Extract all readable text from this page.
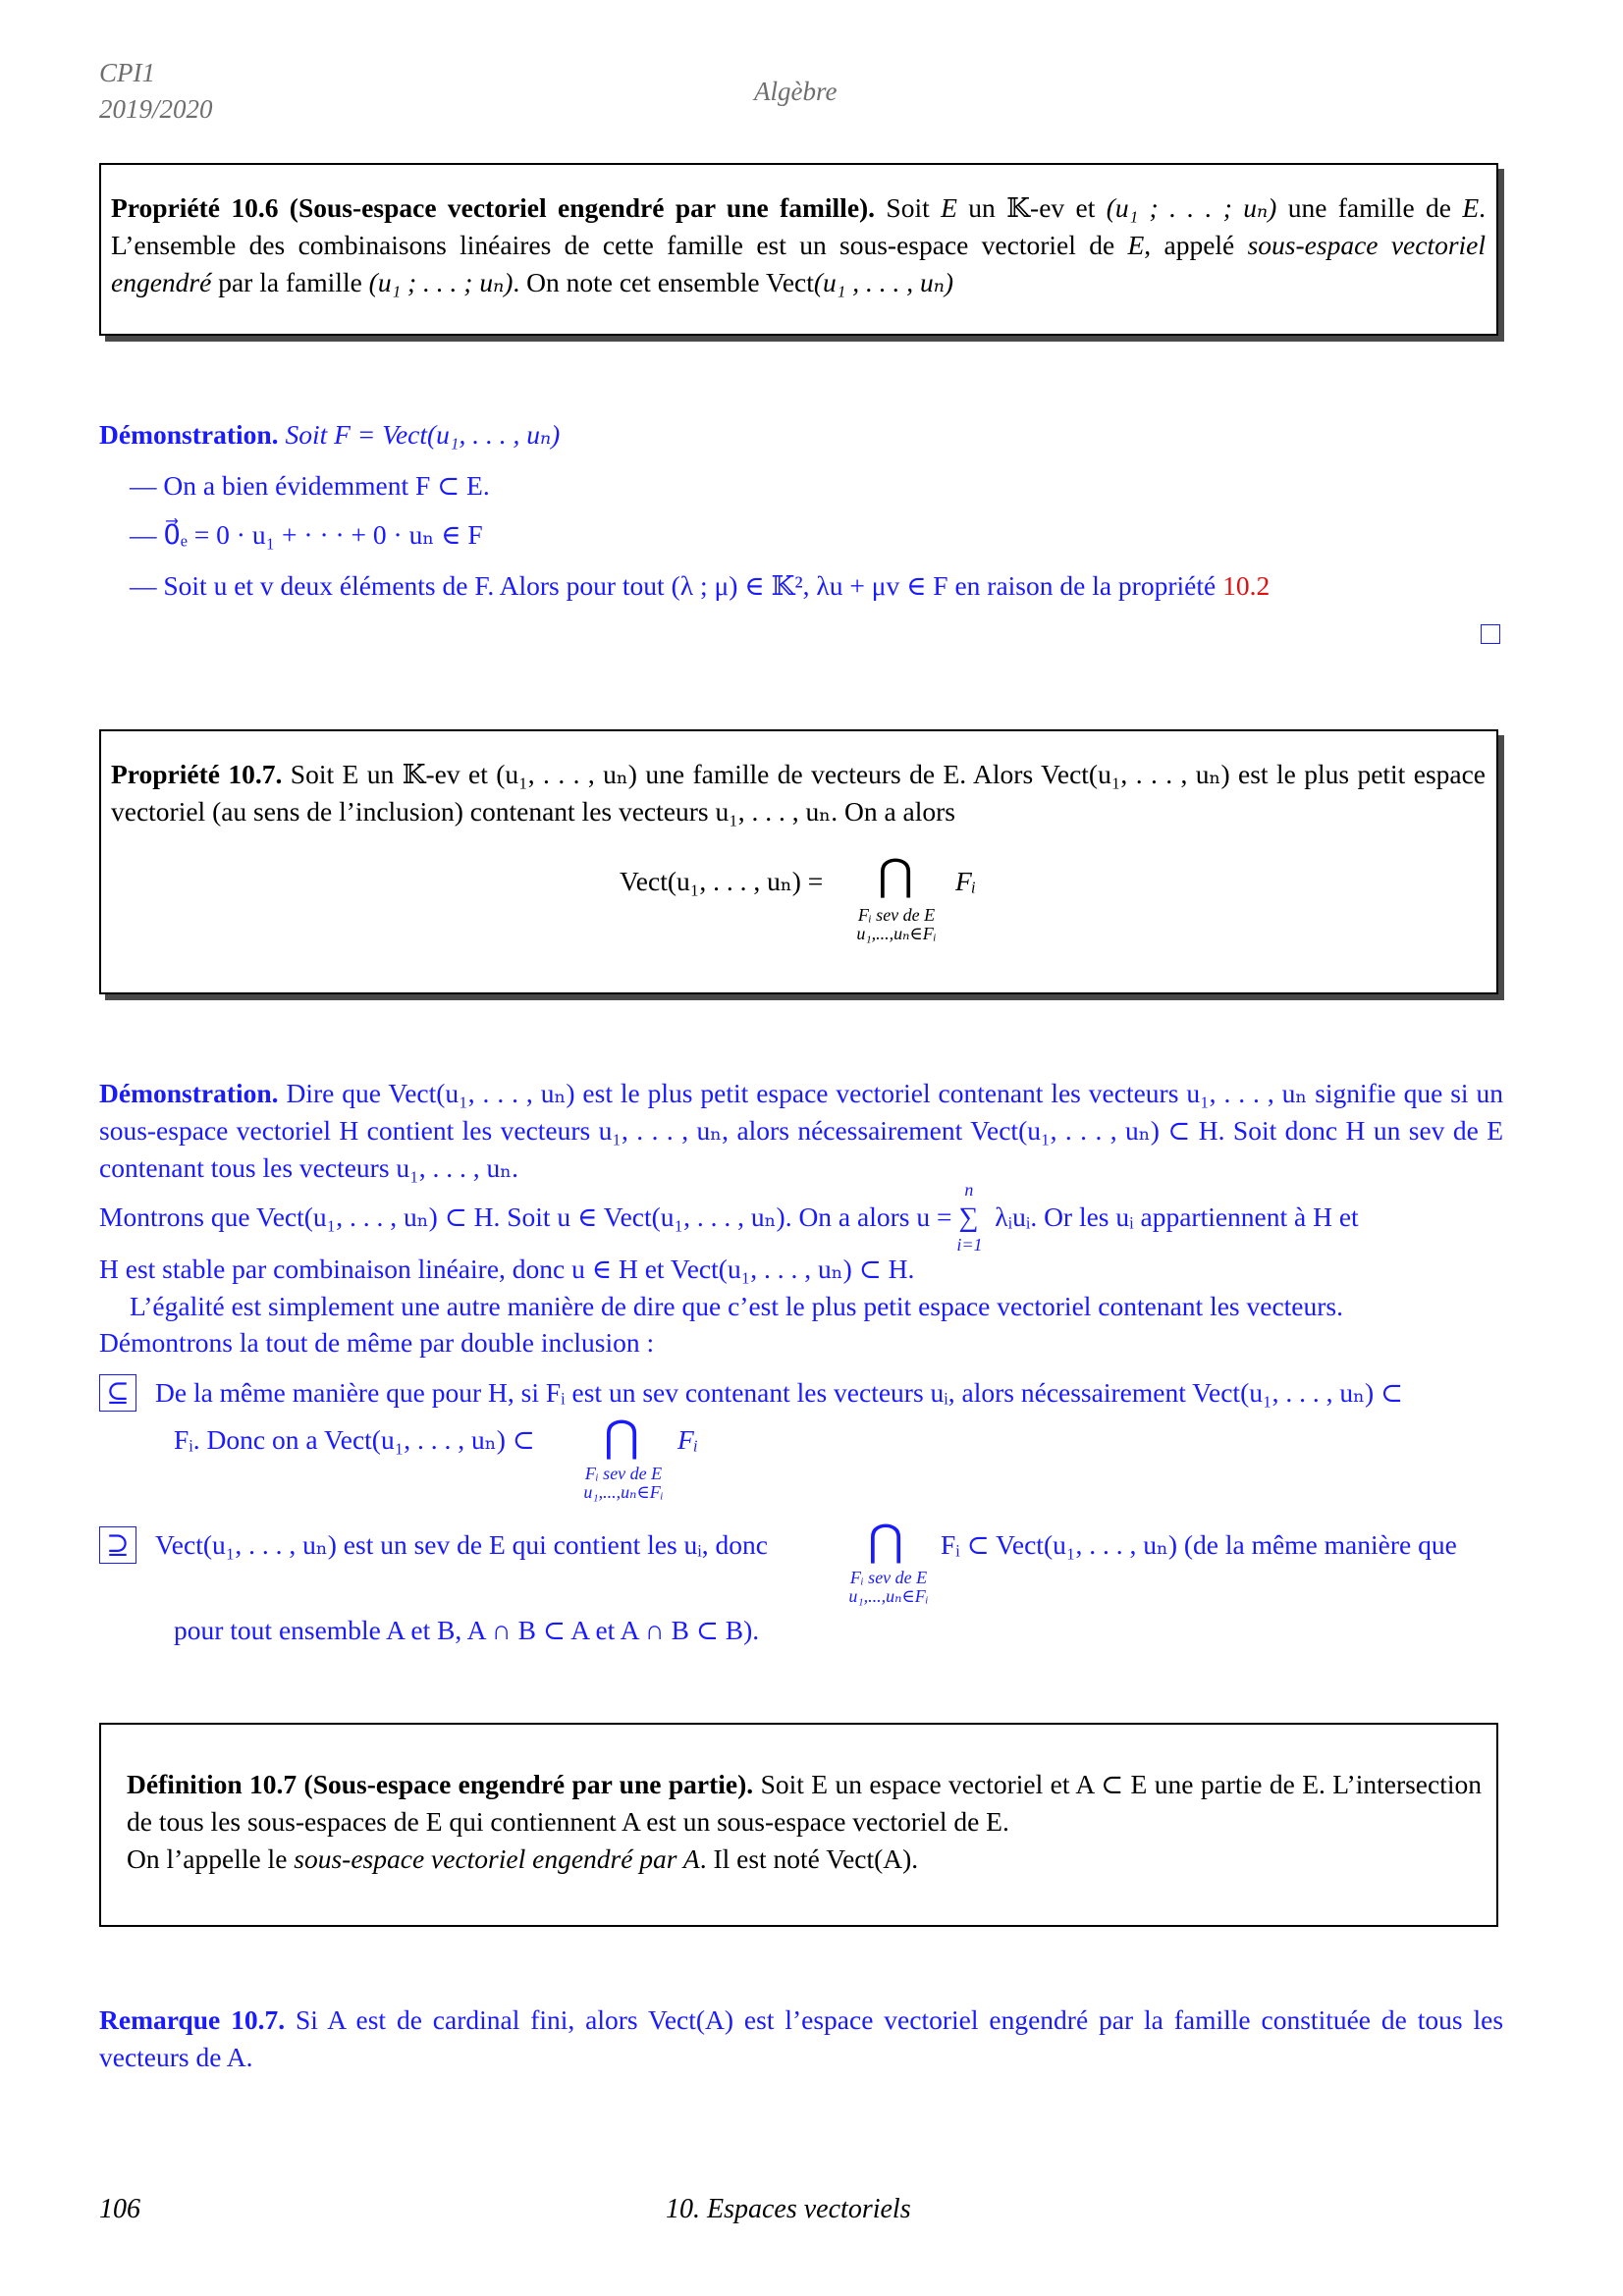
CPI1
2019/2020
Algèbre
Propriété 10.6 (Sous-espace vectoriel engendré par une famille). Soit E un 𝕂-ev et (u₁ ; . . . ; uₙ) une famille de E. L’ensemble des combinaisons linéaires de cette famille est un sous-espace vectoriel de E, appelé sous-espace vectoriel engendré par la famille (u₁ ; . . . ; uₙ). On note cet ensemble Vect(u₁ , . . . , uₙ)
Démonstration. Soit F = Vect(u₁, . . . , uₙ)
— On a bien évidemment F ⊂ E.
— 0⃗ₑ = 0 · u₁ + · · · + 0 · uₙ ∈ F
— Soit u et v deux éléments de F. Alors pour tout (λ ; μ) ∈ 𝕂², λu + μv ∈ F en raison de la propriété 10.2
Propriété 10.7. Soit E un 𝕂-ev et (u₁, . . . , uₙ) une famille de vecteurs de E. Alors Vect(u₁, . . . , uₙ) est le plus petit espace vectoriel (au sens de l’inclusion) contenant les vecteurs u₁, . . . , uₙ. On a alors
Vect(u₁, . . . , uₙ) = ⋂ Fᵢ
Fᵢ sev de E
u₁,...,uₙ∈Fᵢ
Démonstration. Dire que Vect(u₁, . . . , uₙ) est le plus petit espace vectoriel contenant les vecteurs u₁, . . . , uₙ signifie que si un sous-espace vectoriel H contient les vecteurs u₁, . . . , uₙ, alors nécessairement Vect(u₁, . . . , uₙ) ⊂ H. Soit donc H un sev de E contenant tous les vecteurs u₁, . . . , uₙ.
Montrons que Vect(u₁, . . . , uₙ) ⊂ H. Soit u ∈ Vect(u₁, . . . , uₙ). On a alors u =
n
∑
i=1
λᵢuᵢ. Or les uᵢ appartiennent à H et
H est stable par combinaison linéaire, donc u ∈ H et Vect(u₁, . . . , uₙ) ⊂ H.
L’égalité est simplement une autre manière de dire que c’est le plus petit espace vectoriel contenant les vecteurs.
Démontrons la tout de même par double inclusion :
⊆ De la même manière que pour H, si Fᵢ est un sev contenant les vecteurs uᵢ, alors nécessairement Vect(u₁, . . . , uₙ) ⊂
Fᵢ. Donc on a Vect(u₁, . . . , uₙ) ⊂ ⋂ Fᵢ
Fᵢ sev de E
u₁,...,uₙ∈Fᵢ
⊇ Vect(u₁, . . . , uₙ) est un sev de E qui contient les uᵢ, donc ⋂
Fᵢ sev de E
u₁,...,uₙ∈Fᵢ
Fᵢ ⊂ Vect(u₁, . . . , uₙ) (de la même manière que
pour tout ensemble A et B, A ∩ B ⊂ A et A ∩ B ⊂ B).
Définition 10.7 (Sous-espace engendré par une partie). Soit E un espace vectoriel et A ⊂ E une partie de E. L’intersection de tous les sous-espaces de E qui contiennent A est un sous-espace vectoriel de E.
On l’appelle le sous-espace vectoriel engendré par A. Il est noté Vect(A).
Remarque 10.7. Si A est de cardinal fini, alors Vect(A) est l’espace vectoriel engendré par la famille constituée de tous les vecteurs de A.
106	10. Espaces vectoriels
